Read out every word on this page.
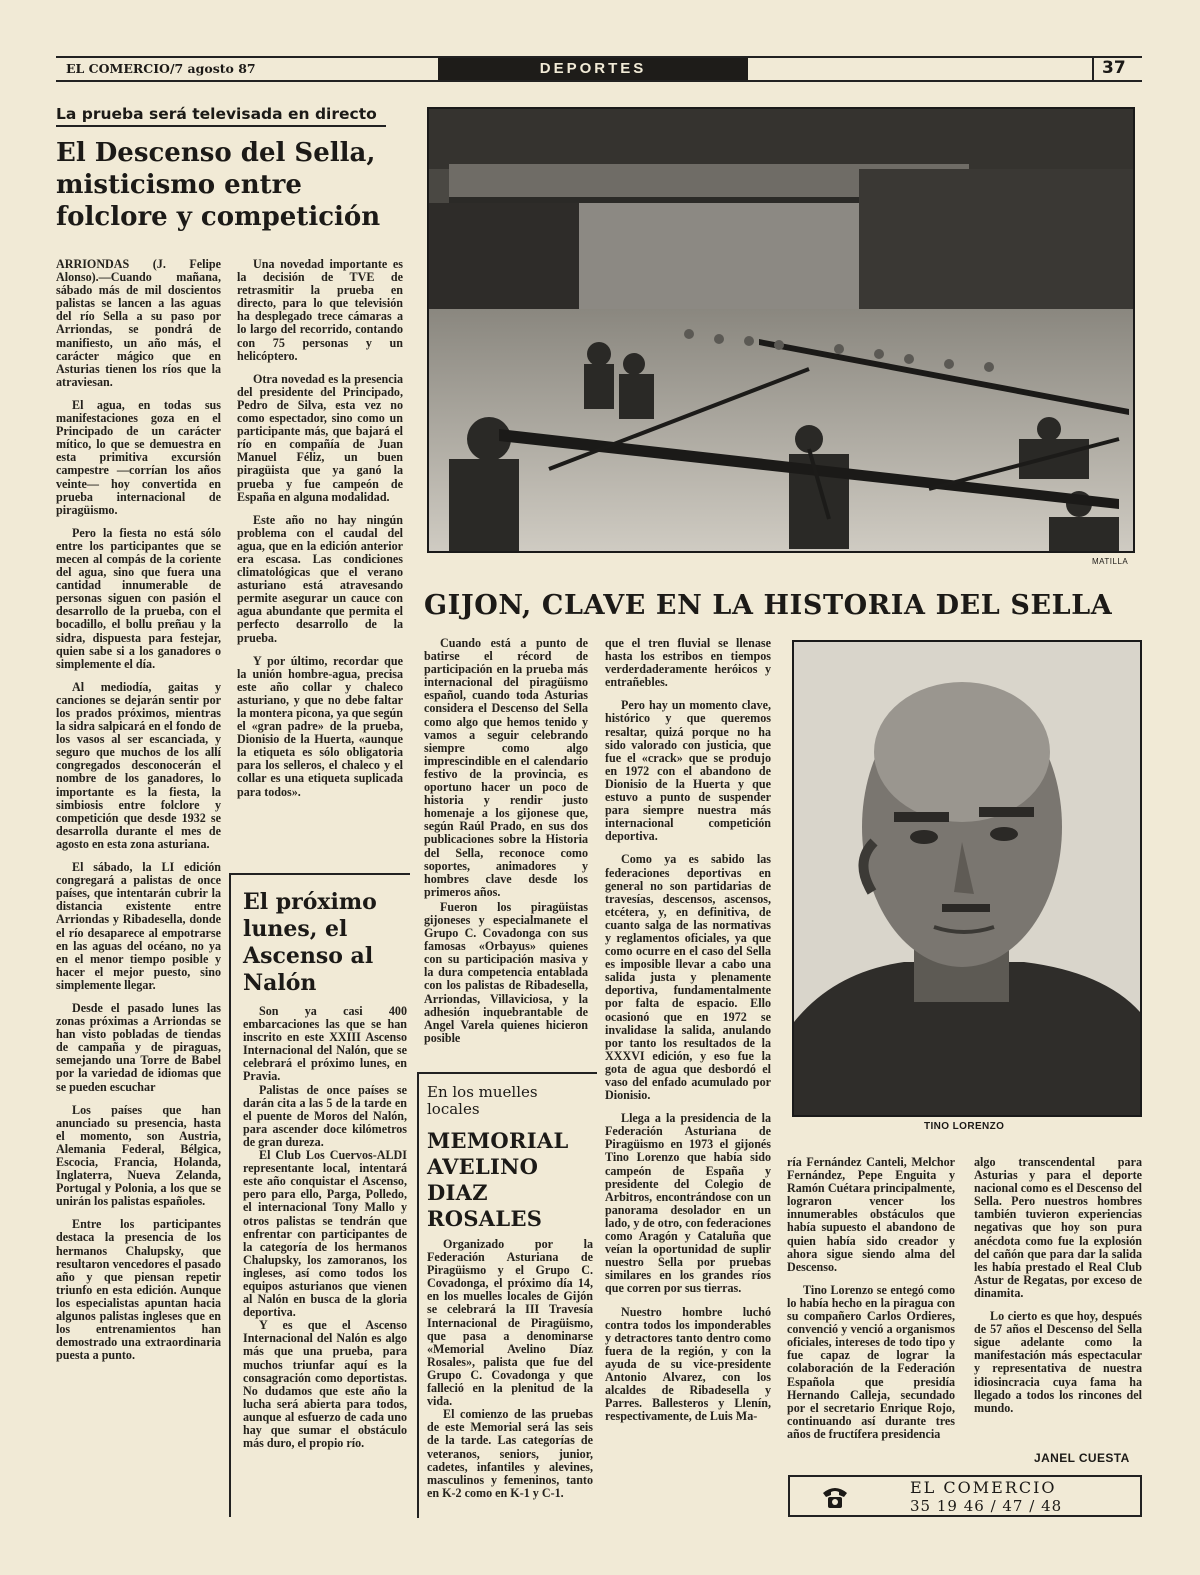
EL COMERCIO/7 agosto 87	DEPORTES	37
La prueba será televisada en directo
El Descenso del Sella, misticismo entre folclore y competición

ARRIONDAS (J. Felipe Alonso).—Cuando mañana, sábado más de mil doscientos palistas se lancen a las aguas del río Sella a su paso por Arriondas, se pondrá de manifiesto, un año más, el carácter mágico que en Asturias tienen los ríos que la atraviesan.

El agua, en todas sus manifestaciones goza en el Principado de un carácter mítico, lo que se demuestra en esta primitiva excursión campestre —corrían los años veinte— hoy convertida en prueba internacional de piragüismo.

Pero la fiesta no está sólo entre los participantes que se mecen al compás de la coriente del agua, sino que fuera una cantidad innumerable de personas siguen con pasión el desarrollo de la prueba, con el bocadillo, el bollu preñau y la sidra, dispuesta para festejar, quien sabe si a los ganadores o simplemente el día.

Al mediodía, gaitas y canciones se dejarán sentir por los prados próximos, mientras la sidra salpicará en el fondo de los vasos al ser escanciada, y seguro que muchos de los allí congregados desconocerán el nombre de los ganadores, lo importante es la fiesta, la simbiosis entre folclore y competición que desde 1932 se desarrolla durante el mes de agosto en esta zona asturiana.

El sábado, la LI edición congregará a palistas de once países, que intentarán cubrir la distancia existente entre Arriondas y Ribadesella, donde el río desaparece al empotrarse en las aguas del océano, no ya en el menor tiempo posible y hacer el mejor puesto, sino simplemente llegar.

Desde el pasado lunes las zonas próximas a Arriondas se han visto pobladas de tiendas de campaña y de piraguas, semejando una Torre de Babel por la variedad de idiomas que se pueden escuchar

Los países que han anunciado su presencia, hasta el momento, son Austria, Alemania Federal, Bélgica, Escocia, Francia, Holanda, Inglaterra, Nueva Zelanda, Portugal y Polonia, a los que se unirán los palistas españoles.

Entre los participantes destaca la presencia de los hermanos Chalupsky, que resultaron vencedores el pasado año y que piensan repetir triunfo en esta edición. Aunque los especialistas apuntan hacia algunos palistas ingleses que en los entrenamientos han demostrado una extraordinaria puesta a punto.

Una novedad importante es la decisión de TVE de retrasmitir la prueba en directo, para lo que televisión ha desplegado trece cámaras a lo largo del recorrido, contando con 75 personas y un helicóptero.

Otra novedad es la presencia del presidente del Principado, Pedro de Silva, esta vez no como espectador, sino como un participante más, que bajará el río en compañía de Juan Manuel Féliz, un buen piragüista que ya ganó la prueba y fue campeón de España en alguna modalidad.

Este año no hay ningún problema con el caudal del agua, que en la edición anterior era escasa. Las condiciones climatológicas que el verano asturiano está atravesando permite asegurar un cauce con agua abundante que permita el perfecto desarrollo de la prueba.

Y por último, recordar que la unión hombre-agua, precisa este año collar y chaleco asturiano, y que no debe faltar la montera picona, ya que según el «gran padre» de la prueba, Dionisio de la Huerta, «aunque la etiqueta es sólo obligatoria para los selleros, el chaleco y el collar es una etiqueta suplicada para todos».

MATILLA
GIJON, CLAVE EN LA HISTORIA DEL SELLA

Cuando está a punto de batirse el récord de participación en la prueba más internacional del piragüismo español, cuando toda Asturias considera el Descenso del Sella como algo que hemos tenido y vamos a seguir celebrando siempre como algo imprescindible en el calendario festivo de la provincia, es oportuno hacer un poco de historia y rendir justo homenaje a los gijonese que, según Raúl Prado, en sus dos publicaciones sobre la Historia del Sella, reconoce como soportes, animadores y hombres clave desde los primeros años.

Fueron los piragüistas gijoneses y especialmanete el Grupo C. Covadonga con sus famosas «Orbayus» quienes con su participación masiva y la dura competencia entablada con los palistas de Ribadesella, Arriondas, Villaviciosa, y la adhesión inquebrantable de Angel Varela quienes hicieron posible

que el tren fluvial se llenase hasta los estribos en tiempos verderdaderamente heróicos y entrañebles.

Pero hay un momento clave, histórico y que queremos resaltar, quizá porque no ha sido valorado con justicia, que fue el «crack» que se produjo en 1972 con el abandono de Dionisio de la Huerta y que estuvo a punto de suspender para siempre nuestra más internacional competición deportiva.

Como ya es sabido las federaciones deportivas en general no son partidarias de travesías, descensos, ascensos, etcétera, y, en definitiva, de cuanto salga de las normativas y reglamentos oficiales, ya que como ocurre en el caso del Sella es imposible llevar a cabo una salida justa y plenamente deportiva, fundamentalmente por falta de espacio. Ello ocasionó que en 1972 se invalidase la salida, anulando por tanto los resultados de la XXXVI edición, y eso fue la gota de agua que desbordó el vaso del enfado acumulado por Dionisio.

Llega a la presidencia de la Federación Asturiana de Piragüismo en 1973 el gijonés Tino Lorenzo que había sido campeón de España y presidente del Colegio de Arbitros, encontrándose con un panorama desolador en un lado, y de otro, con federaciones como Aragón y Cataluña que veían la oportunidad de suplir nuestro Sella por pruebas similares en los grandes ríos que corren por sus tierras.

Nuestro hombre luchó contra todos los imponderables y detractores tanto dentro como fuera de la región, y con la ayuda de su vice-presidente Antonio Alvarez, con los alcaldes de Ribadesella y Parres. Ballesteros y Llenín, respectivamente, de Luis Ma-

TINO LORENZO

ría Fernández Canteli, Melchor Fernández, Pepe Enguita y Ramón Cuétara principalmente, lograron vencer los innumerables obstáculos que había supuesto el abandono de quien había sido creador y ahora sigue siendo alma del Descenso.

Tino Lorenzo se entegó como lo había hecho en la piragua con su compañero Carlos Ordieres, convenció y venció a organismos oficiales, intereses de todo tipo y fue capaz de lograr la colaboración de la Federación Española que presidía Hernando Calleja, secundado por el secretario Enrique Rojo, continuando así durante tres años de fructífera presidencia

algo transcendental para Asturias y para el deporte nacional como es el Descenso del Sella. Pero nuestros hombres también tuvieron experiencias negativas que hoy son pura anécdota como fue la explosión del cañón que para dar la salida les había prestado el Real Club Astur de Regatas, por exceso de dinamita.

Lo cierto es que hoy, después de 57 años el Descenso del Sella sigue adelante como la manifestación más espectacular y representativa de nuestra idiosincracia cuya fama ha llegado a todos los rincones del mundo.

JANEL CUESTA
El próximo lunes, el Ascenso al Nalón

Son ya casi 400 embarcaciones las que se han inscrito en este XXIII Ascenso Internacional del Nalón, que se celebrará el próximo lunes, en Pravia.

Palistas de once países se darán cita a las 5 de la tarde en el puente de Moros del Nalón, para ascender doce kilómetros de gran dureza.

El Club Los Cuervos-ALDI representante local, intentará este año conquistar el Ascenso, pero para ello, Parga, Polledo, el internacional Tony Mallo y otros palistas se tendrán que enfrentar con participantes de la categoría de los hermanos Chalupsky, los zamoranos, los ingleses, así como todos los equipos asturianos que vienen al Nalón en busca de la gloria deportiva.

Y es que el Ascenso Internacional del Nalón es algo más que una prueba, para muchos triunfar aquí es la consagración como deportistas. No dudamos que este año la lucha será abierta para todos, aunque al esfuerzo de cada uno hay que sumar el obstáculo más duro, el propio río.

En los muelles locales
MEMORIAL AVELINO DIAZ ROSALES

Organizado por la Federación Asturiana de Piragüismo y el Grupo C. Covadonga, el próximo día 14, en los muelles locales de Gijón se celebrará la III Travesía Internacional de Piragüismo, que pasa a denominarse «Memorial Avelino Díaz Rosales», palista que fue del Grupo C. Covadonga y que falleció en la plenitud de la vida.

El comienzo de las pruebas de este Memorial será las seis de la tarde. Las categorías de veteranos, seniors, junior, cadetes, infantiles y alevines, masculinos y femeninos, tanto en K-2 como en K-1 y C-1.	EL COMERCIO
35 19 46 / 47 / 48
